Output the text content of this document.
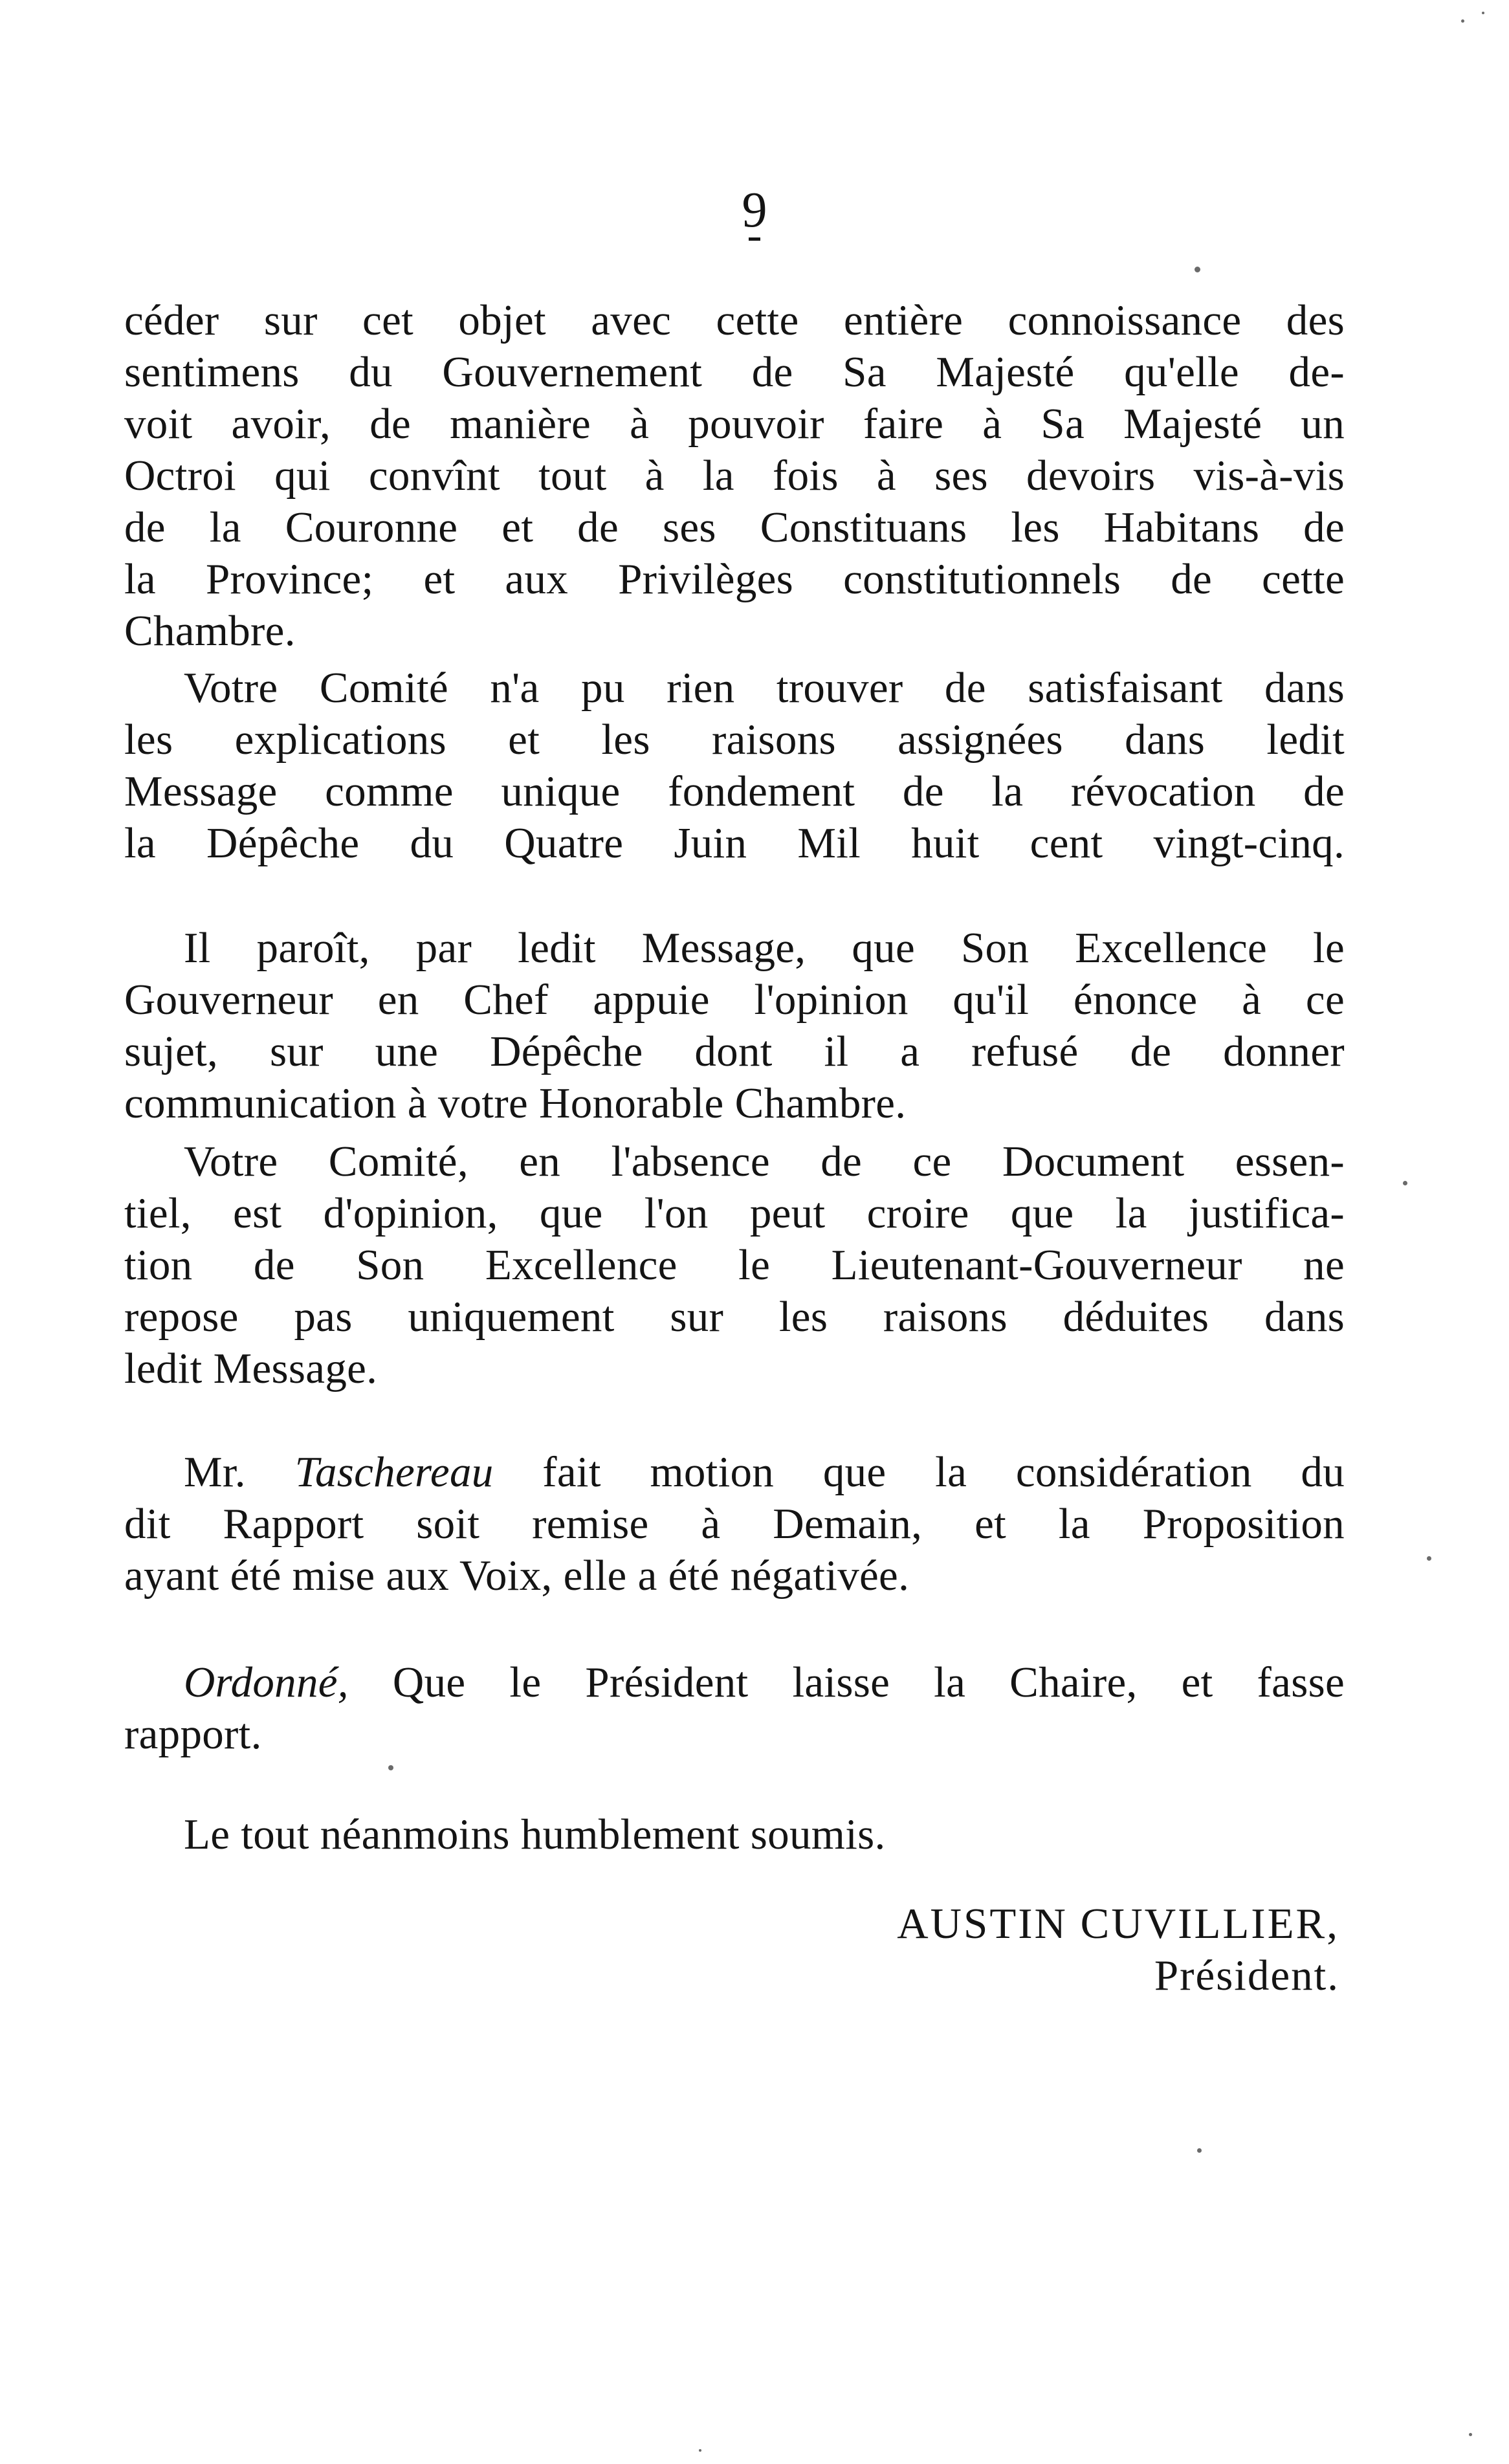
9
céder sur cet objet avec cette entière connoissance des
sentimens du Gouvernement de Sa Majesté qu'elle de-
voit avoir, de manière à pouvoir faire à Sa Majesté un
Octroi qui convînt tout à la fois à ses devoirs vis-à-vis
de la Couronne et de ses Constituans les Habitans de
la Province; et aux Privilèges constitutionnels de cette
Chambre.
Votre Comité n'a pu rien trouver de satisfaisant dans
les explications et les raisons assignées dans ledit
Message comme unique fondement de la révocation de
la Dépêche du Quatre Juin Mil huit cent vingt-cinq.
Il paroît, par ledit Message, que Son Excellence le
Gouverneur en Chef appuie l'opinion qu'il énonce à ce
sujet, sur une Dépêche dont il a refusé de donner
communication à votre Honorable Chambre.
Votre Comité, en l'absence de ce Document essen-
tiel, est d'opinion, que l'on peut croire que la justifica-
tion de Son Excellence le Lieutenant-Gouverneur ne
repose pas uniquement sur les raisons déduites dans
ledit Message.
Mr. Taschereau fait motion que la considération du
dit Rapport soit remise à Demain, et la Proposition
ayant été mise aux Voix, elle a été négativée.
Ordonné, Que le Président laisse la Chaire, et fasse
rapport.
Le tout néanmoins humblement soumis.
AUSTIN CUVILLIER,
Président.
